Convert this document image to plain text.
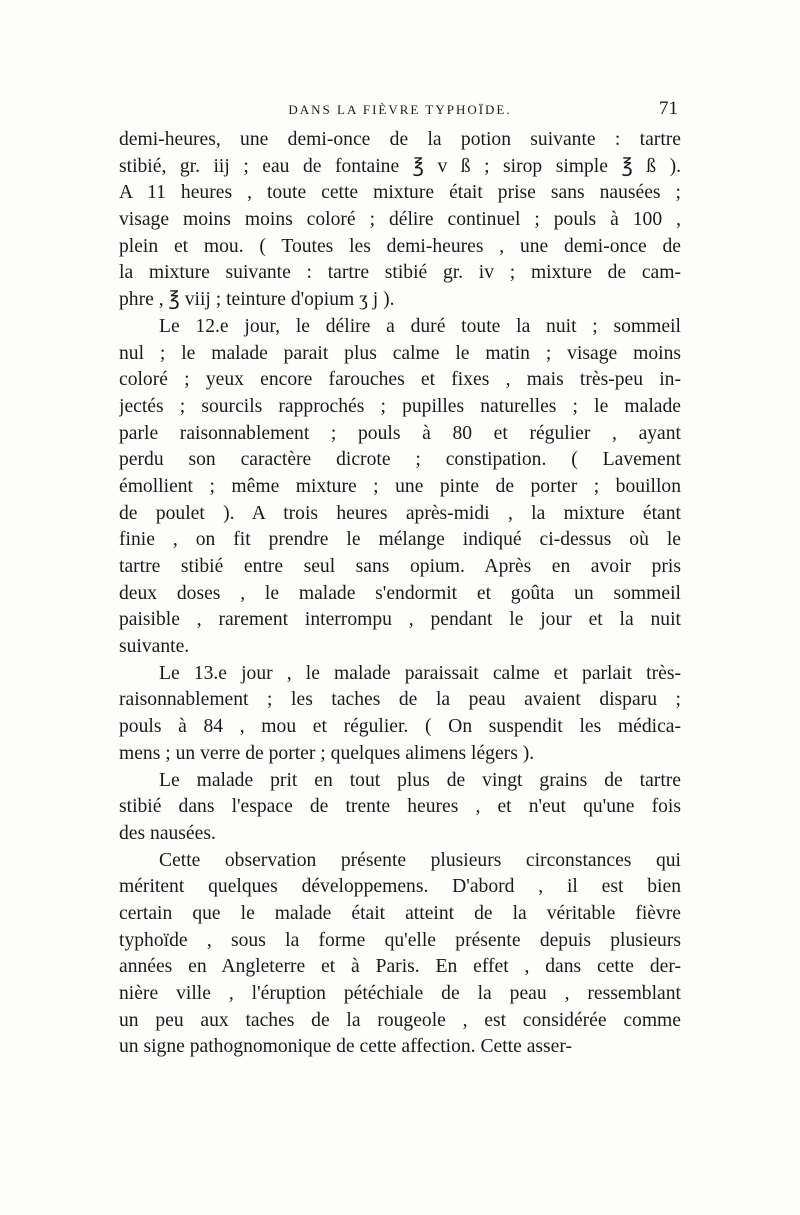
DANS LA FIÈVRE TYPHOÏDE.	71
demi-heures, une demi-once de la potion suivante : tartre
stibié, gr. iij ; eau de fontaine ℥ v ß ; sirop simple ℥ ß ).
A 11 heures , toute cette mixture était prise sans nausées ;
visage moins moins coloré ; délire continuel ; pouls à 100 ,
plein et mou. ( Toutes les demi-heures , une demi-once de
la mixture suivante : tartre stibié gr. iv ; mixture de cam-
phre , ℥ viij ; teinture d'opium ʒ j ).
Le 12.e jour, le délire a duré toute la nuit ; sommeil
nul ; le malade parait plus calme le matin ; visage moins
coloré ; yeux encore farouches et fixes , mais très-peu in-
jectés ; sourcils rapprochés ; pupilles naturelles ; le malade
parle raisonnablement ; pouls à 80 et régulier , ayant
perdu son caractère dicrote ; constipation. ( Lavement
émollient ; même mixture ; une pinte de porter ; bouillon
de poulet ). A trois heures après-midi , la mixture étant
finie , on fit prendre le mélange indiqué ci-dessus où le
tartre stibié entre seul sans opium. Après en avoir pris
deux doses , le malade s'endormit et goûta un sommeil
paisible , rarement interrompu , pendant le jour et la nuit
suivante.
Le 13.e jour , le malade paraissait calme et parlait très-
raisonnablement ; les taches de la peau avaient disparu ;
pouls à 84 , mou et régulier. ( On suspendit les médica-
mens ; un verre de porter ; quelques alimens légers ).
Le malade prit en tout plus de vingt grains de tartre
stibié dans l'espace de trente heures , et n'eut qu'une fois
des nausées.
Cette observation présente plusieurs circonstances qui
méritent quelques développemens. D'abord , il est bien
certain que le malade était atteint de la véritable fièvre
typhoïde , sous la forme qu'elle présente depuis plusieurs
années en Angleterre et à Paris. En effet , dans cette der-
nière ville , l'éruption pétéchiale de la peau , ressemblant
un peu aux taches de la rougeole , est considérée comme
un signe pathognomonique de cette affection. Cette asser-
